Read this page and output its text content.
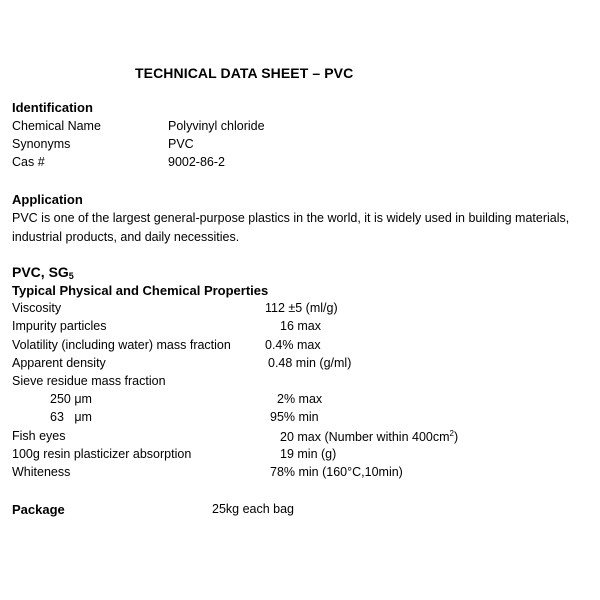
TECHNICAL DATA SHEET – PVC
Identification
Chemical Name	Polyvinyl chloride
Synonyms	PVC
Cas #	9002-86-2
Application
PVC is one of the largest general-purpose plastics in the world, it is widely used in building materials, industrial products, and daily necessities.
PVC, $SG_5$
Typical Physical and Chemical Properties
Viscosity	112 ±5 (ml/g)
Impurity particles	16 max
Volatility (including water) mass fraction	0.4% max
Apparent density	0.48 min (g/ml)
Sieve residue mass fraction
250 μm	2% max
63   μm	95% min
Fish eyes	20 max (Number within $400cm^2$)
100g resin plasticizer absorption	19 min (g)
Whiteness	78% min (160°C,10min)
Package	25kg each bag
